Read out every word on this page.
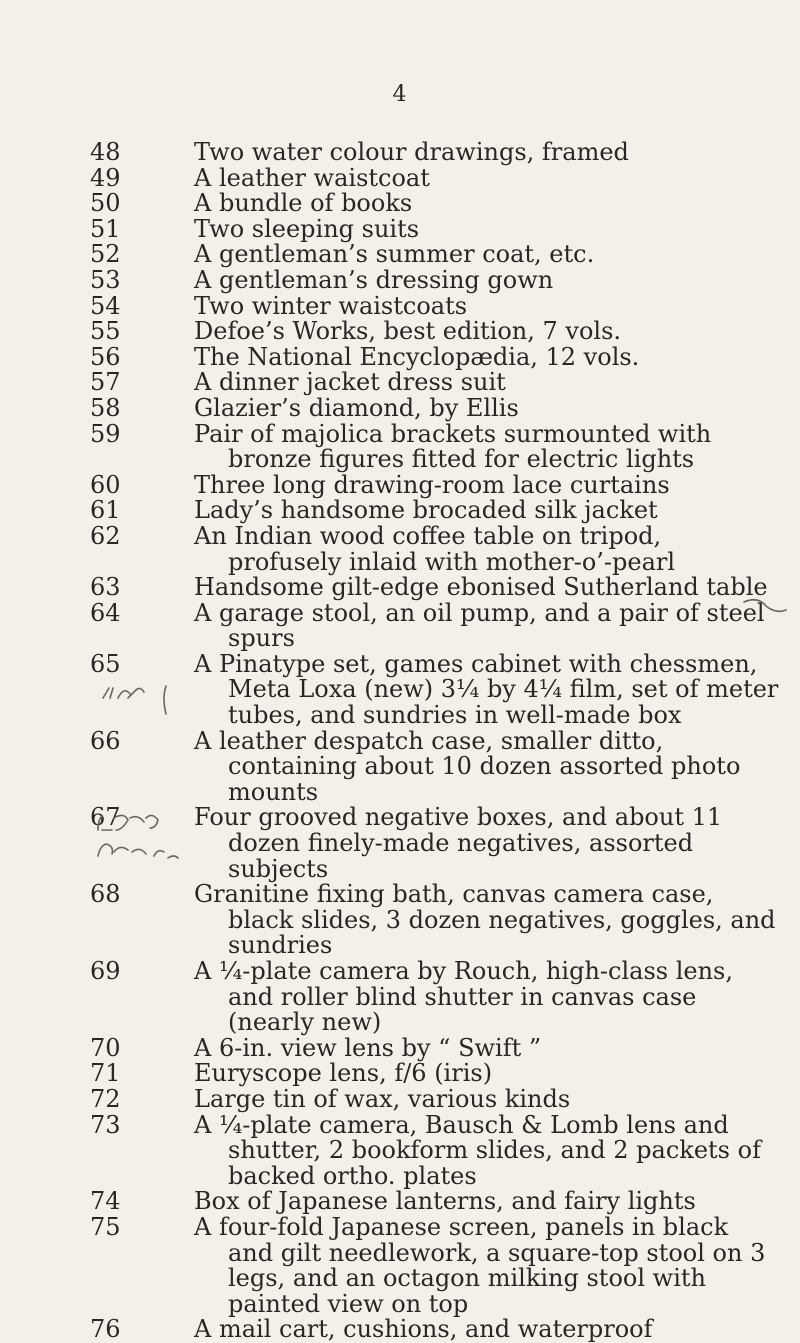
4
48	Two water colour drawings, framed
49	A leather waistcoat
50	A bundle of books
51	Two sleeping suits
52	A gentleman’s summer coat, etc.
53	A gentleman’s dressing gown
54	Two winter waistcoats
55	Defoe’s Works, best edition, 7 vols.
56	The National Encyclopædia, 12 vols.
57	A dinner jacket dress suit
58	Glazier’s diamond, by Ellis
59	Pair of majolica brackets surmounted with bronze figures fitted for electric lights
60	Three long drawing-room lace curtains
61	Lady’s handsome brocaded silk jacket
62	An Indian wood coffee table on tripod, profusely inlaid with mother-o’-pearl
63	Handsome gilt-edge ebonised Sutherland table
64	A garage stool, an oil pump, and a pair of steel spurs
65	A Pinatype set, games cabinet with chessmen, Meta Loxa (new) 3¼ by 4¼ film, set of meter tubes, and sundries in well-made box
66	A leather despatch case, smaller ditto, containing about 10 dozen assorted photo mounts
67	Four grooved negative boxes, and about 11 dozen finely-made negatives, assorted subjects
68	Granitine fixing bath, canvas camera case, black slides, 3 dozen negatives, goggles, and sundries
69	A ¼-plate camera by Rouch, high-class lens, and roller blind shutter in canvas case (nearly new)
70	A 6-in. view lens by “ Swift ”
71	Euryscope lens, f/6 (iris)
72	Large tin of wax, various kinds
73	A ¼-plate camera, Bausch & Lomb lens and shutter, 2 bookform slides, and 2 packets of backed ortho. plates
74	Box of Japanese lanterns, and fairy lights
75	A four-fold Japanese screen, panels in black and gilt needlework, a square-top stool on 3 legs, and an octagon milking stool with painted view on top
76	A mail cart, cushions, and waterproof
